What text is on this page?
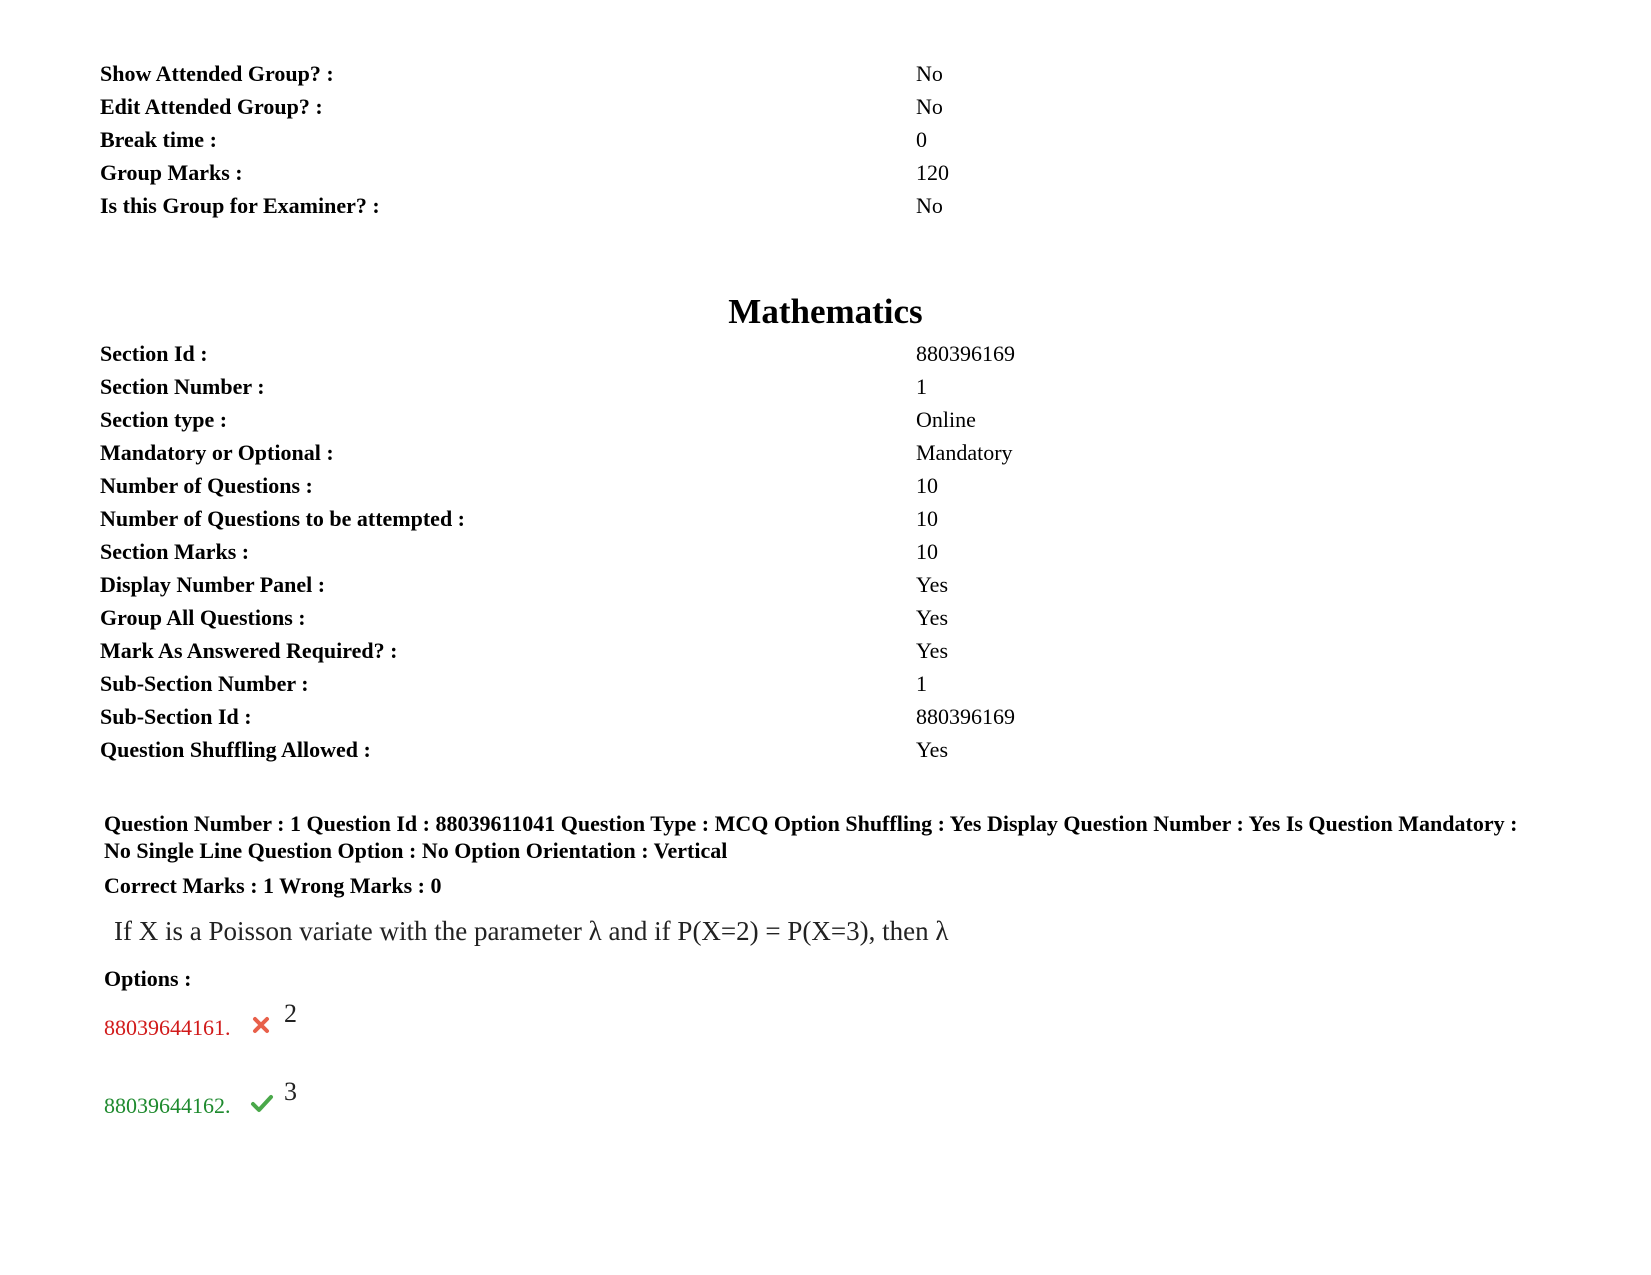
Show Attended Group? :	No
Edit Attended Group? :	No
Break time :	0
Group Marks :	120
Is this Group for Examiner? :	No
Mathematics
Section Id :	880396169
Section Number :	1
Section type :	Online
Mandatory or Optional :	Mandatory
Number of Questions :	10
Number of Questions to be attempted :	10
Section Marks :	10
Display Number Panel :	Yes
Group All Questions :	Yes
Mark As Answered Required? :	Yes
Sub-Section Number :	1
Sub-Section Id :	880396169
Question Shuffling Allowed :	Yes
Question Number : 1 Question Id : 88039611041 Question Type : MCQ Option Shuffling : Yes Display Question Number : Yes Is Question Mandatory : No Single Line Question Option : No Option Orientation : Vertical
Correct Marks : 1 Wrong Marks : 0
If X is a Poisson variate with the parameter λ and if P(X=2) = P(X=3), then λ
Options :
88039644161. 2
88039644162. 3
